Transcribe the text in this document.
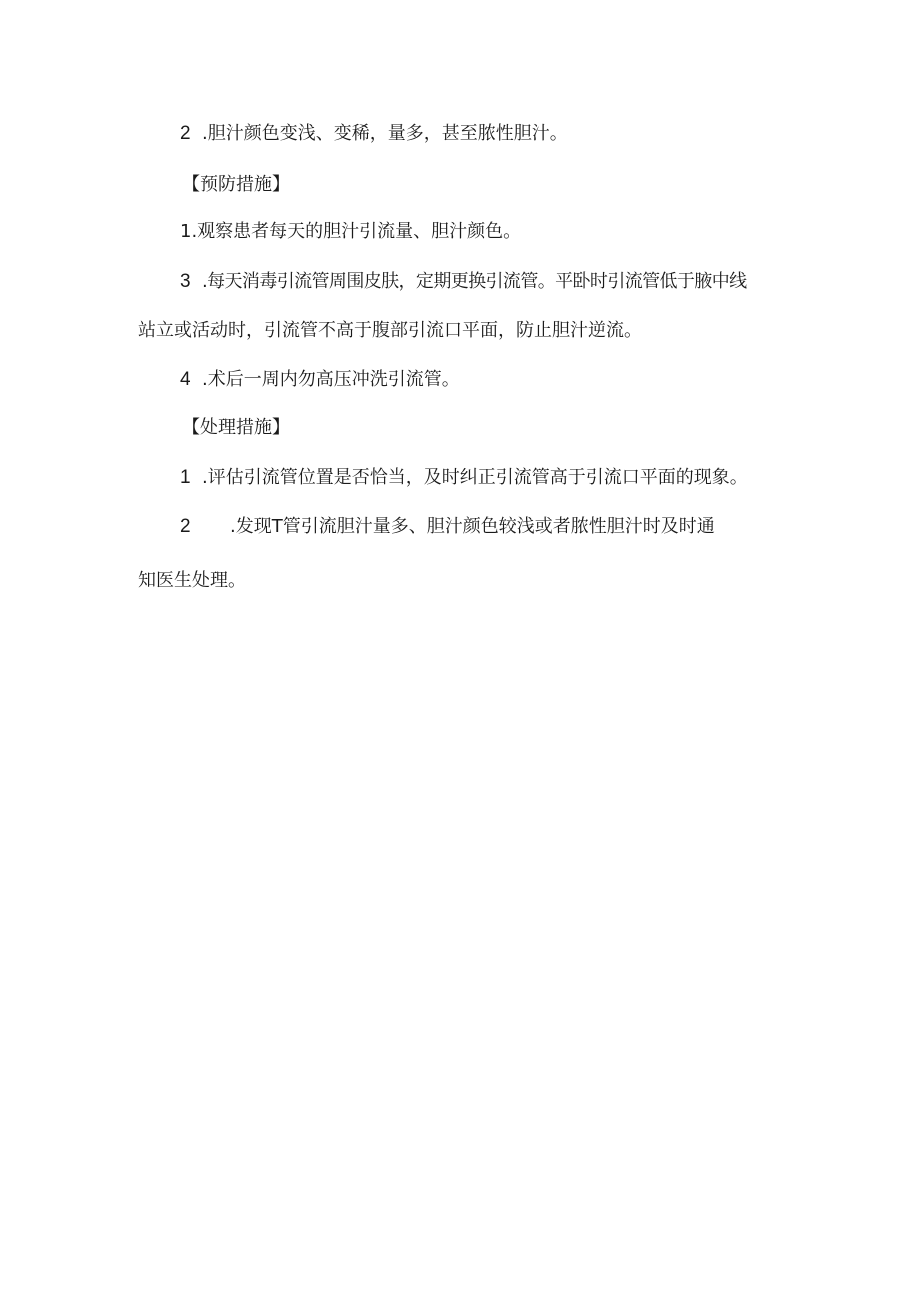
2 .胆汁颜色变浅、变稀，量多，甚至脓性胆汁。
【预防措施】
1.观察患者每天的胆汁引流量、胆汁颜色。
3 .每天消毒引流管周围皮肤，定期更换引流管。平卧时引流管低于腋中线
站立或活动时，引流管不高于腹部引流口平面，防止胆汁逆流。
4 .术后一周内勿高压冲洗引流管。
【处理措施】
1 .评估引流管位置是否恰当，及时纠正引流管高于引流口平面的现象。
2 .发现T管引流胆汁量多、胆汁颜色较浅或者脓性胆汁时及时通
知医生处理。
